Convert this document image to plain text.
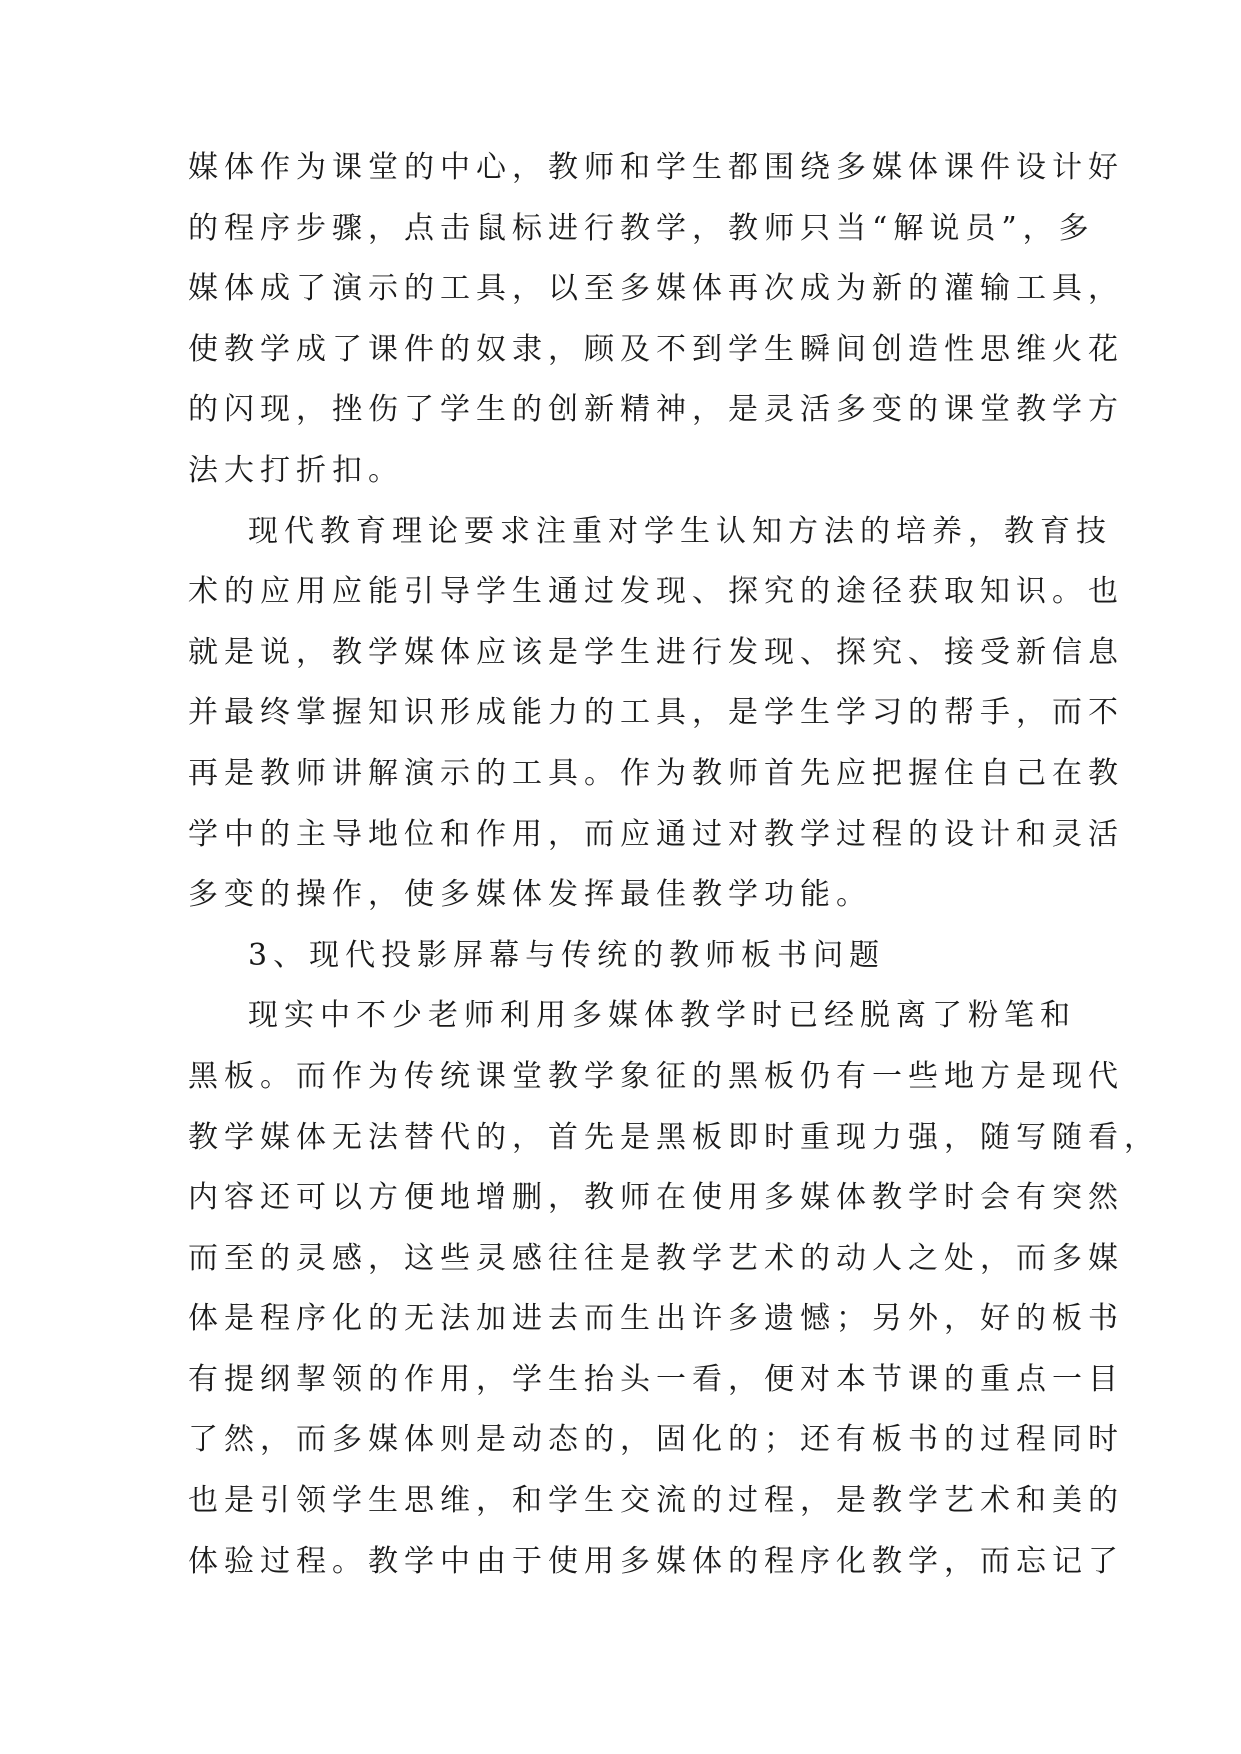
媒体作为课堂的中心，教师和学生都围绕多媒体课件设计好
的程序步骤，点击鼠标进行教学，教师只当“解说员”，多
媒体成了演示的工具，以至多媒体再次成为新的灌输工具，
使教学成了课件的奴隶，顾及不到学生瞬间创造性思维火花
的闪现，挫伤了学生的创新精神，是灵活多变的课堂教学方
法大打折扣。
现代教育理论要求注重对学生认知方法的培养，教育技
术的应用应能引导学生通过发现、探究的途径获取知识。也
就是说，教学媒体应该是学生进行发现、探究、接受新信息
并最终掌握知识形成能力的工具，是学生学习的帮手，而不
再是教师讲解演示的工具。作为教师首先应把握住自己在教
学中的主导地位和作用，而应通过对教学过程的设计和灵活
多变的操作，使多媒体发挥最佳教学功能。
3、现代投影屏幕与传统的教师板书问题
现实中不少老师利用多媒体教学时已经脱离了粉笔和
黑板。而作为传统课堂教学象征的黑板仍有一些地方是现代
教学媒体无法替代的，首先是黑板即时重现力强，随写随看，
内容还可以方便地增删，教师在使用多媒体教学时会有突然
而至的灵感，这些灵感往往是教学艺术的动人之处，而多媒
体是程序化的无法加进去而生出许多遗憾；另外，好的板书
有提纲挈领的作用，学生抬头一看，便对本节课的重点一目
了然，而多媒体则是动态的，固化的；还有板书的过程同时
也是引领学生思维，和学生交流的过程，是教学艺术和美的
体验过程。教学中由于使用多媒体的程序化教学，而忘记了
